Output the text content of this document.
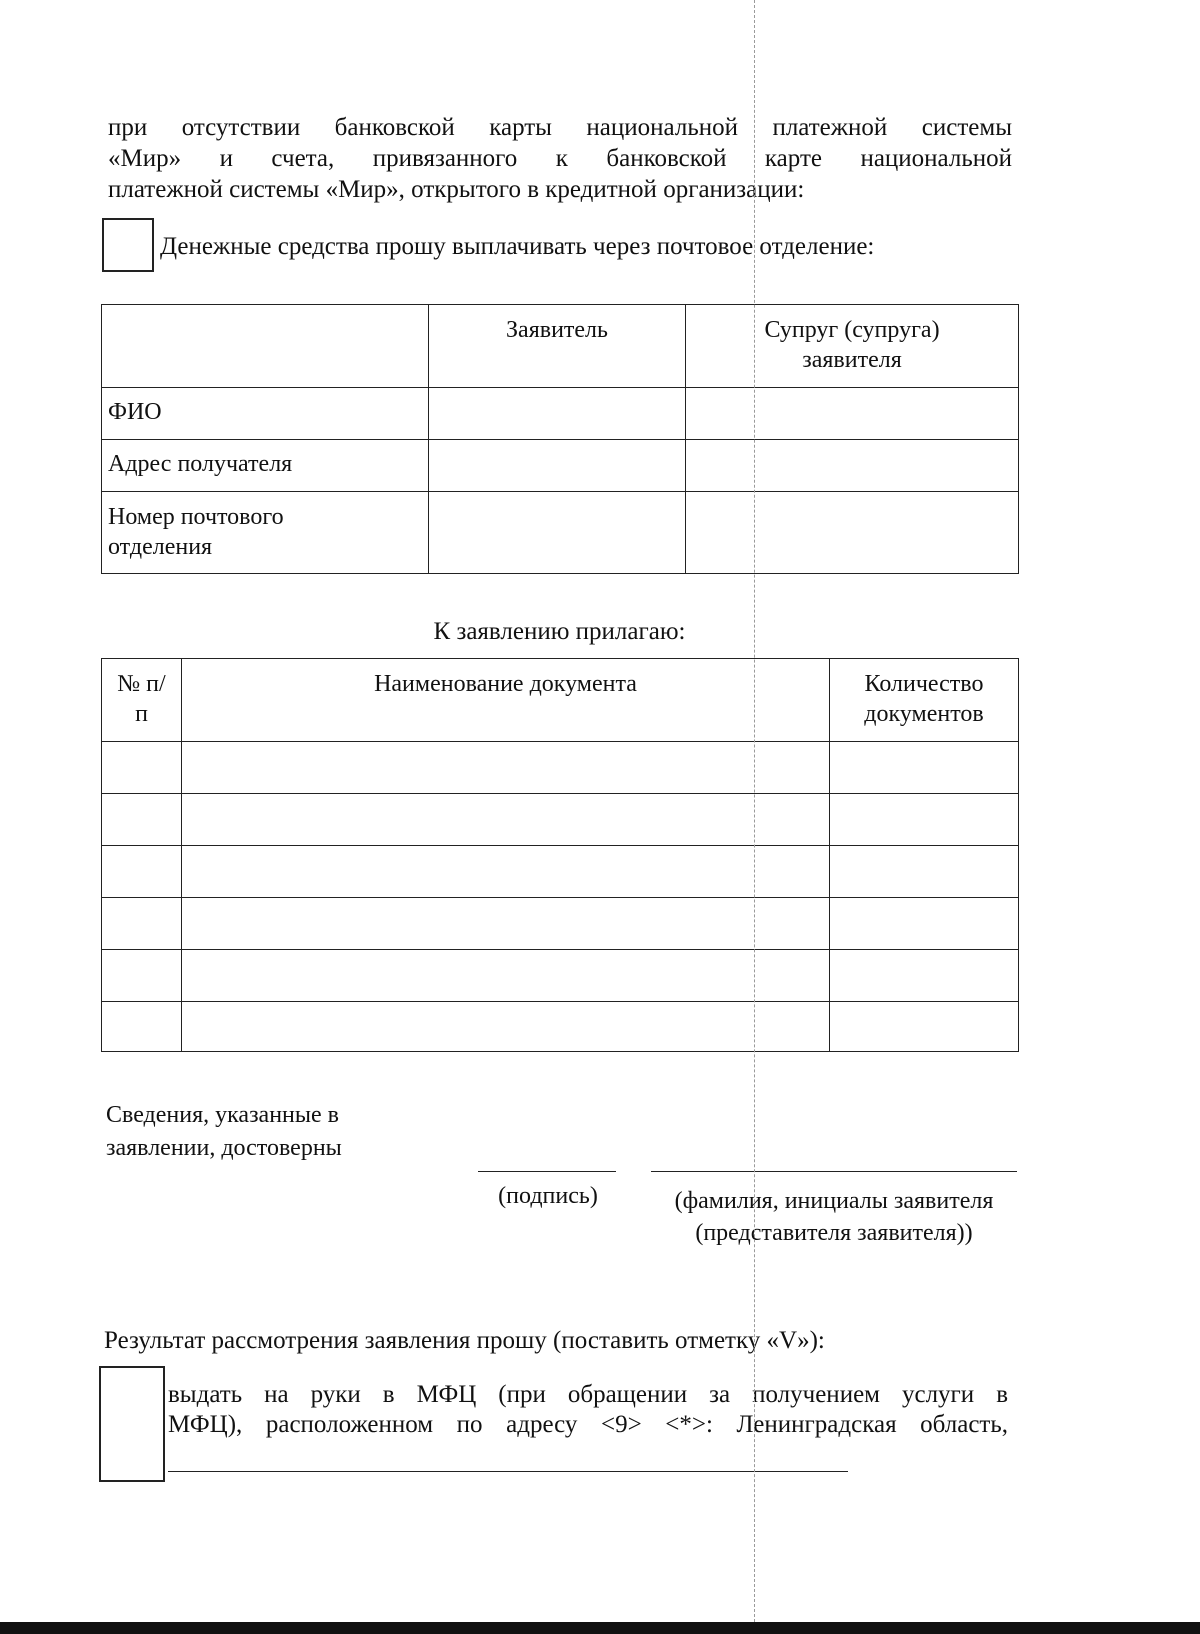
при отсутствии банковской карты национальной платежной системы
«Мир» и счета, привязанного к банковской карте национальной
платежной системы «Мир», открытого в кредитной организации:
Денежные средства прошу выплачивать через почтовое отделение:
	Заявитель	Супруг (супруга) заявителя
ФИО		
Адрес получателя		
Номер почтового отделения		
К заявлению прилагаю:
№ п/п	Наименование документа	Количество документов

Сведения, указанные в заявлении, достоверны
(подпись)	(фамилия, инициалы заявителя (представителя заявителя))
Результат рассмотрения заявления прошу (поставить отметку «V»):
выдать на руки в МФЦ (при обращении за получением услуги в
МФЦ), расположенном по адресу <9> <*>: Ленинградская область,
